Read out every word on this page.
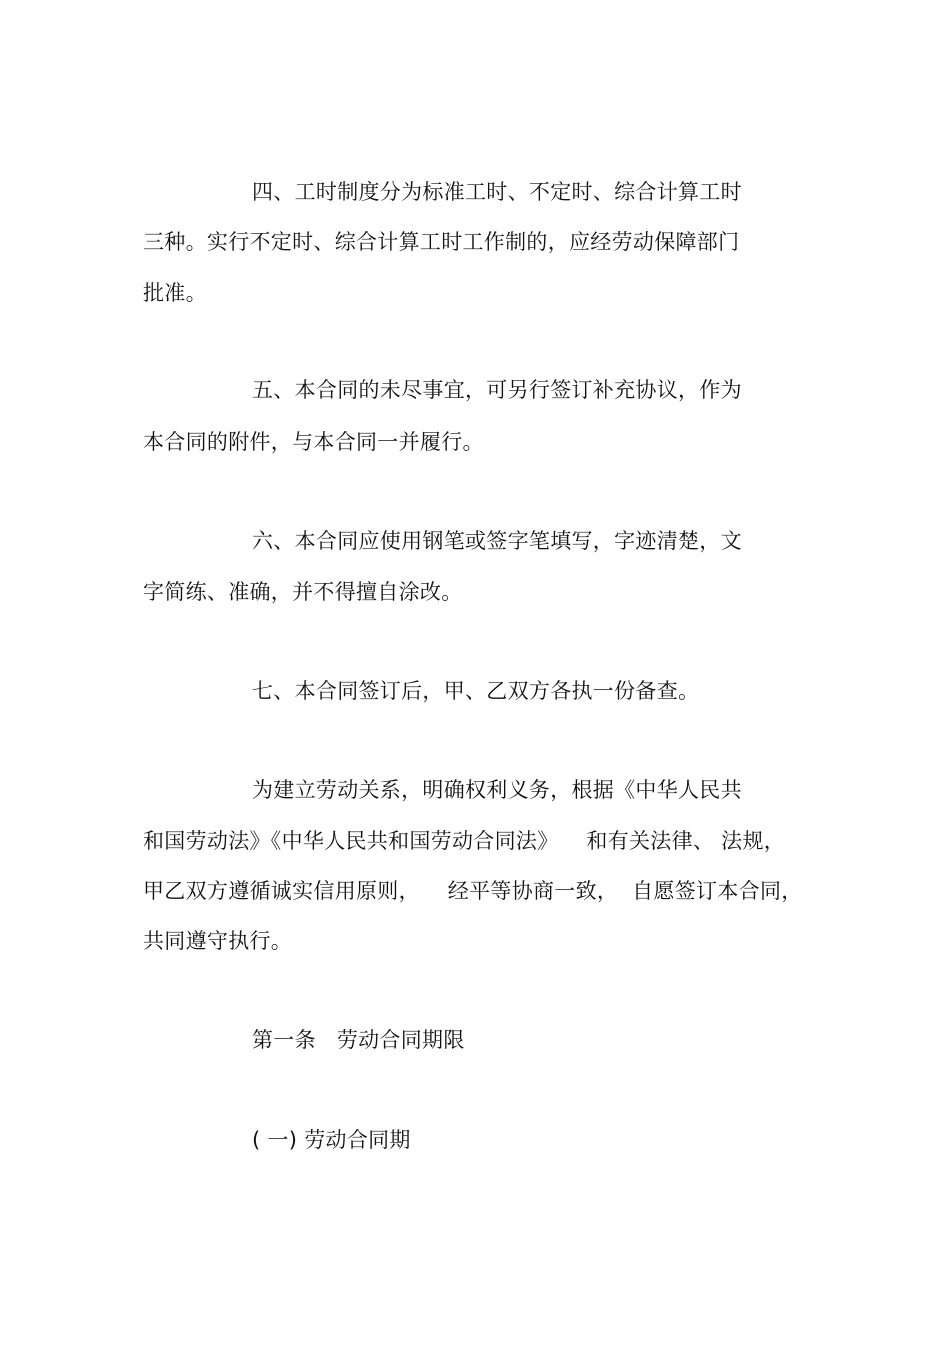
四、工时制度分为标准工时、不定时、综合计算工时
三种。实行不定时、综合计算工时工作制的，应经劳动保障部门
批准。
五、本合同的未尽事宜，可另行签订补充协议，作为
本合同的附件，与本合同一并履行。
六、本合同应使用钢笔或签字笔填写，字迹清楚，文
字简练、准确，并不得擅自涂改。
七、本合同签订后，甲、乙双方各执一份备查。
为建立劳动关系，明确权利义务，根据《中华人民共
和国劳动法》《中华人民共和国劳动合同法》    和有关法律、 法规，
甲乙双方遵循诚实信用原则，    经平等协商一致，  自愿签订本合同，
共同遵守执行。
第一条   劳动合同期限
( 一) 劳动合同期
